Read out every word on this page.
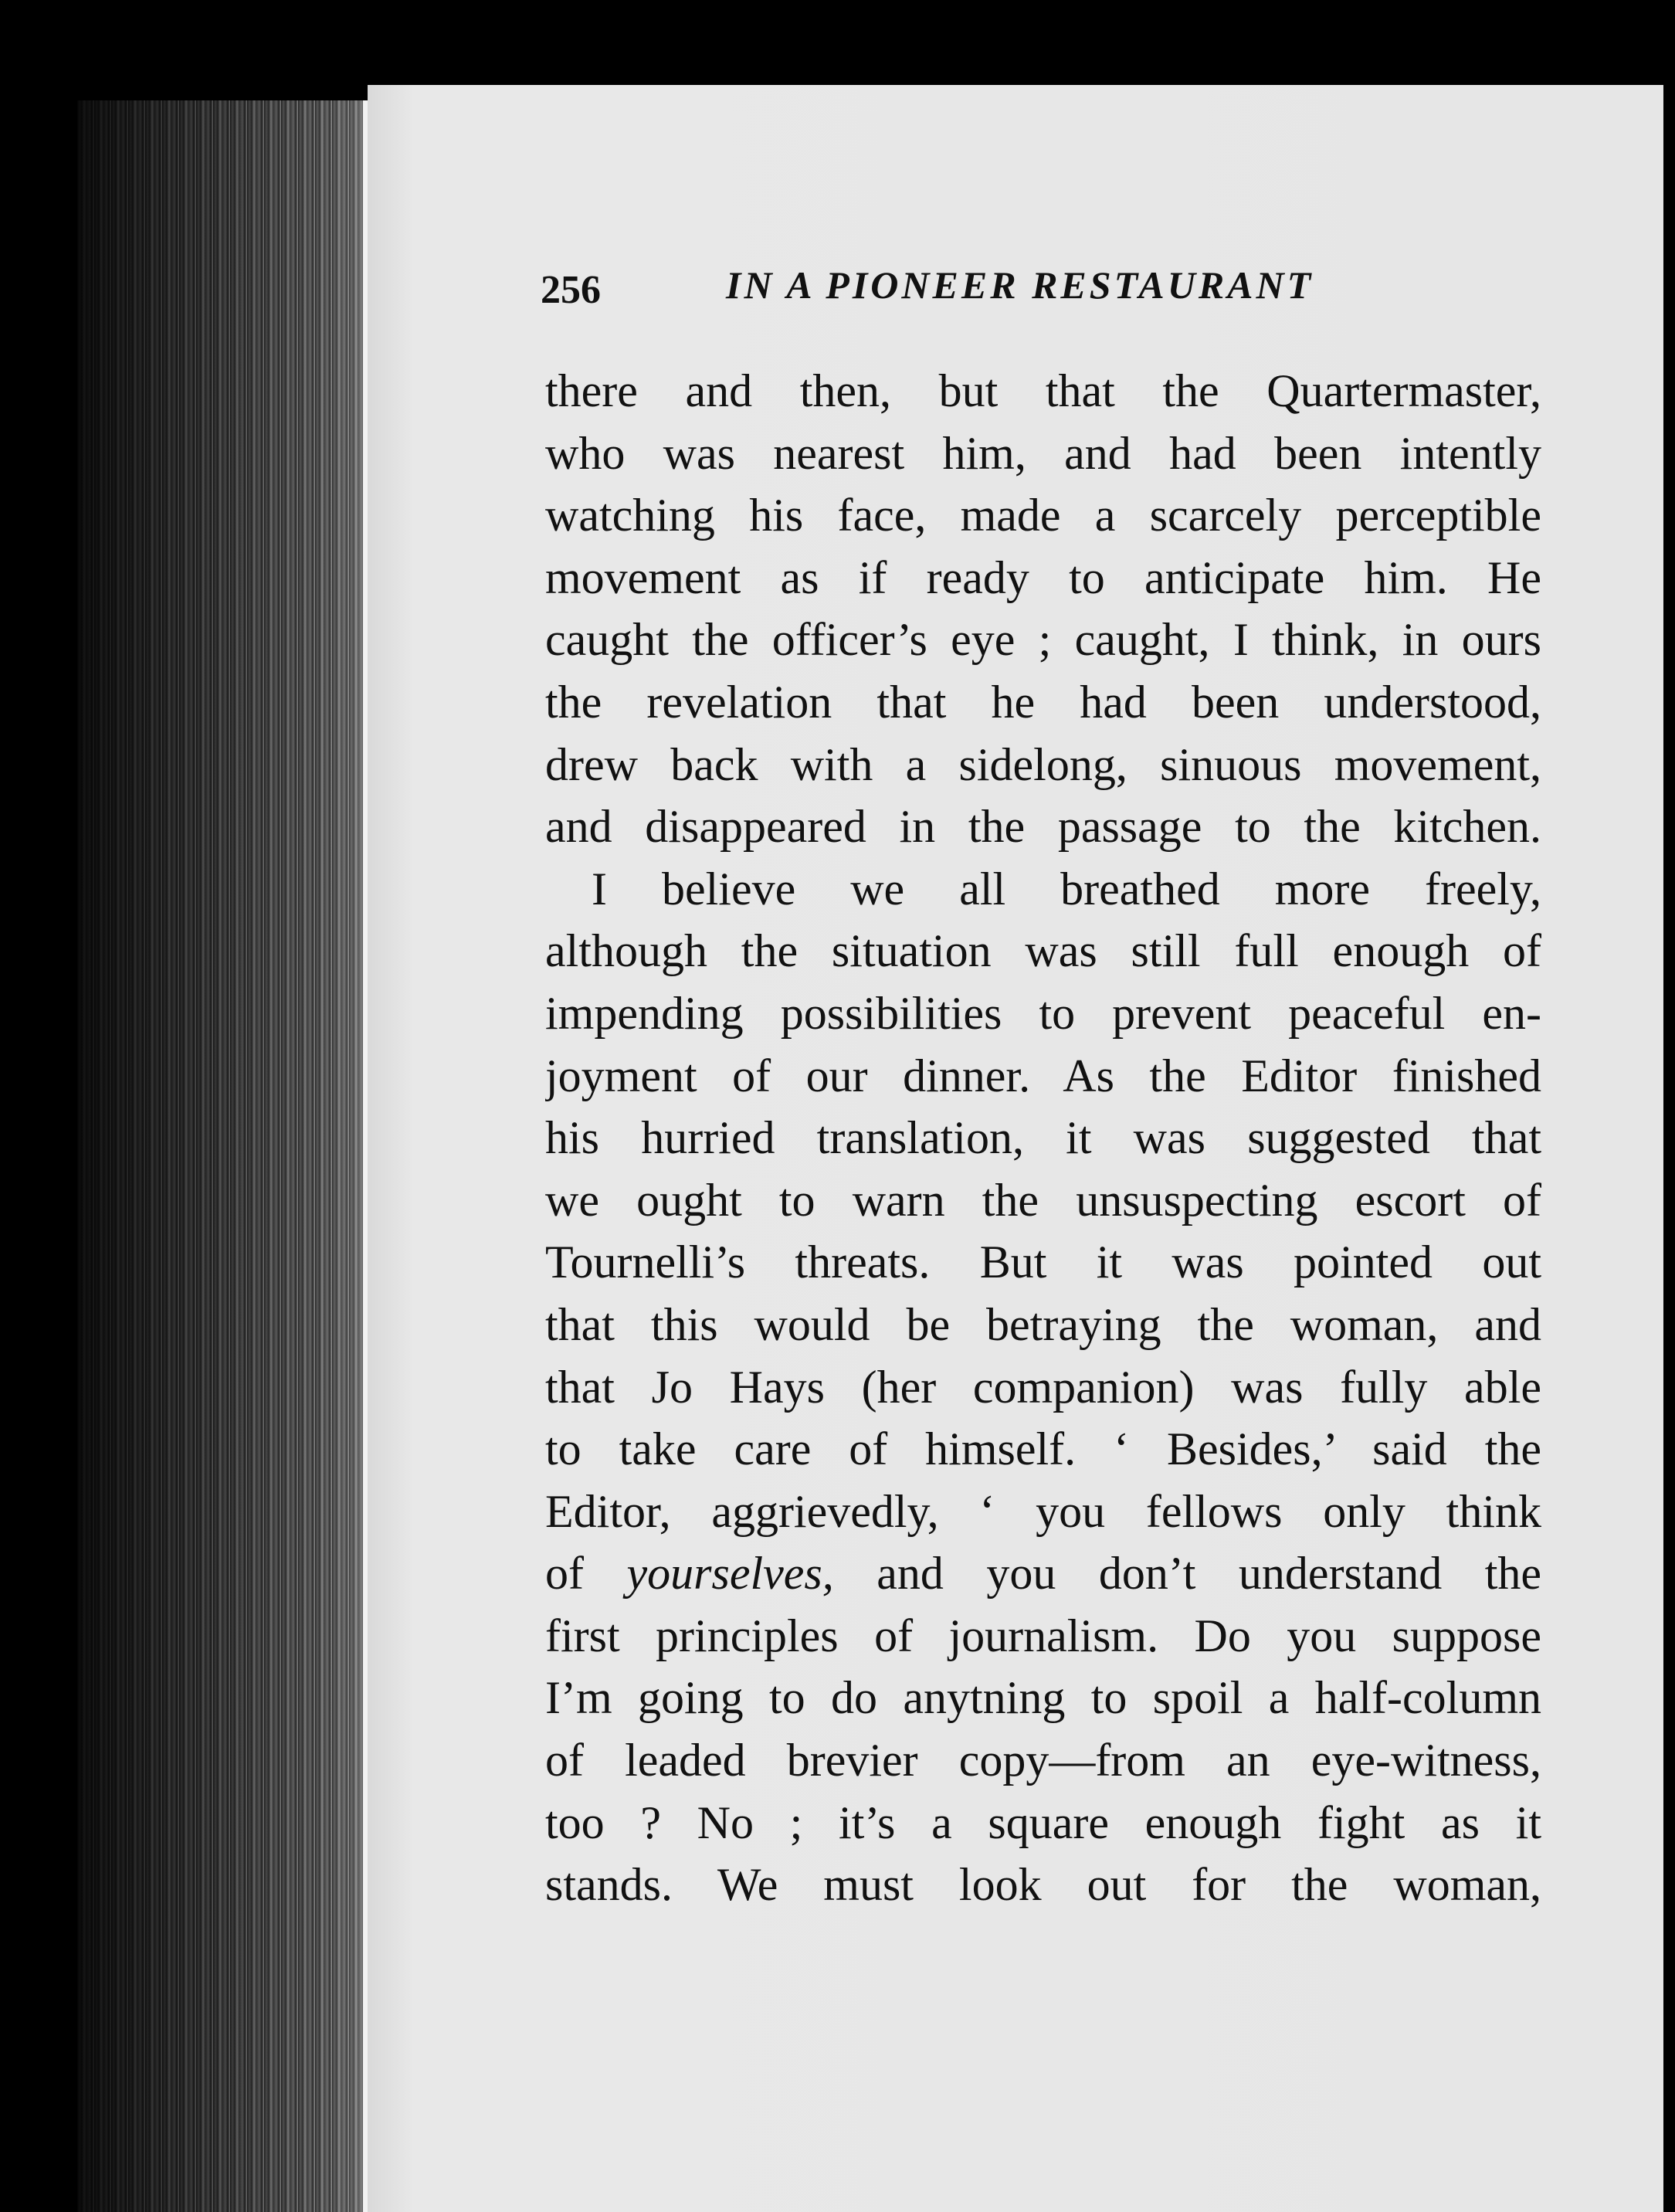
256	IN A PIONEER RESTAURANT
there and then, but that the Quartermaster,
who was nearest him, and had been intently
watching his face, made a scarcely perceptible
movement as if ready to anticipate him. He
caught the officer’s eye ; caught, I think, in ours
the revelation that he had been understood,
drew back with a sidelong, sinuous movement,
and disappeared in the passage to the kitchen.
 I believe we all breathed more freely,
although the situation was still full enough of
impending possibilities to prevent peaceful en-
joyment of our dinner. As the Editor finished
his hurried translation, it was suggested that
we ought to warn the unsuspecting escort of
Tournelli’s threats. But it was pointed out
that this would be betraying the woman, and
that Jo Hays (her companion) was fully able
to take care of himself. ‘ Besides,’ said the
Editor, aggrievedly, ‘ you fellows only think
of yourselves, and you don’t understand the
first principles of journalism. Do you suppose
I’m going to do anytning to spoil a half-column
of leaded brevier copy—from an eye-witness,
too ? No ; it’s a square enough fight as it
stands. We must look out for the woman,
